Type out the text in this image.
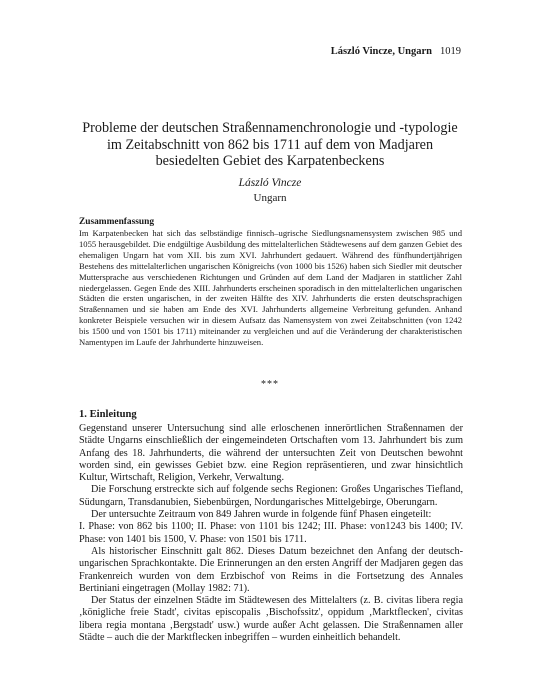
László Vincze, Ungarn 1019
Probleme der deutschen Straßennamenchronologie und -typologie im Zeitabschnitt von 862 bis 1711 auf dem von Madjaren besiedelten Gebiet des Karpatenbeckens
László Vincze
Ungarn
Zusammenfassung
Im Karpatenbecken hat sich das selbständige finnisch–ugrische Siedlungsnamensystem zwischen 985 und 1055 herausgebildet. Die endgültige Ausbildung des mittelalterlichen Städtewesens auf dem ganzen Gebiet des ehemaligen Ungarn hat vom XII. bis zum XVI. Jahrhundert gedauert. Während des fünfhundertjährigen Bestehens des mittelalterlichen ungarischen Königreichs (von 1000 bis 1526) haben sich Siedler mit deutscher Muttersprache aus verschiedenen Richtungen und Gründen auf dem Land der Madjaren in stattlicher Zahl niedergelassen. Gegen Ende des XIII. Jahrhunderts erscheinen sporadisch in den mittelalterlichen ungarischen Städten die ersten ungarischen, in der zweiten Hälfte des XIV. Jahrhunderts die ersten deutschsprachigen Straßennamen und sie haben am Ende des XVI. Jahrhunderts allgemeine Verbreitung gefunden. Anhand konkreter Beispiele versuchen wir in diesem Aufsatz das Namensystem von zwei Zeitabschnitten (von 1242 bis 1500 und von 1501 bis 1711) miteinander zu vergleichen und auf die Veränderung der charakteristischen Namentypen im Laufe der Jahrhunderte hinzuweisen.
***
1. Einleitung

Gegenstand unserer Untersuchung sind alle erloschenen innerörtlichen Straßennamen der Städte Ungarns einschließlich der eingemeindeten Ortschaften vom 13. Jahrhundert bis zum Anfang des 18. Jahrhunderts, die während der untersuchten Zeit von Deutschen bewohnt worden sind, ein gewisses Gebiet bzw. eine Region repräsentieren, und zwar hinsichtlich Kultur, Wirtschaft, Religion, Verkehr, Verwaltung.

Die Forschung erstreckte sich auf folgende sechs Regionen: Großes Ungarisches Tiefland, Südungarn, Transdanubien, Siebenbürgen, Nordungarisches Mittelgebirge, Oberungarn.

Der untersuchte Zeitraum von 849 Jahren wurde in folgende fünf Phasen eingeteilt:

I. Phase: von 862 bis 1100; II. Phase: von 1101 bis 1242; III. Phase: von1243 bis 1400; IV. Phase: von 1401 bis 1500, V. Phase: von 1501 bis 1711.

Als historischer Einschnitt galt 862. Dieses Datum bezeichnet den Anfang der deutsch-ungarischen Sprachkontakte. Die Erinnerungen an den ersten Angriff der Madjaren gegen das Frankenreich wurden von dem Erzbischof von Reims in die Fortsetzung des Annales Bertiniani eingetragen (Mollay 1982: 71).

Der Status der einzelnen Städte im Städtewesen des Mittelalters (z. B. civitas libera regia ‚königliche freie Stadt', civitas episcopalis ‚Bischofssitz', oppidum ‚Marktflecken', civitas libera regia montana ‚Bergstadt' usw.) wurde außer Acht gelassen. Die Straßennamen aller Städte – auch die der Marktflecken inbegriffen – wurden einheitlich behandelt.
